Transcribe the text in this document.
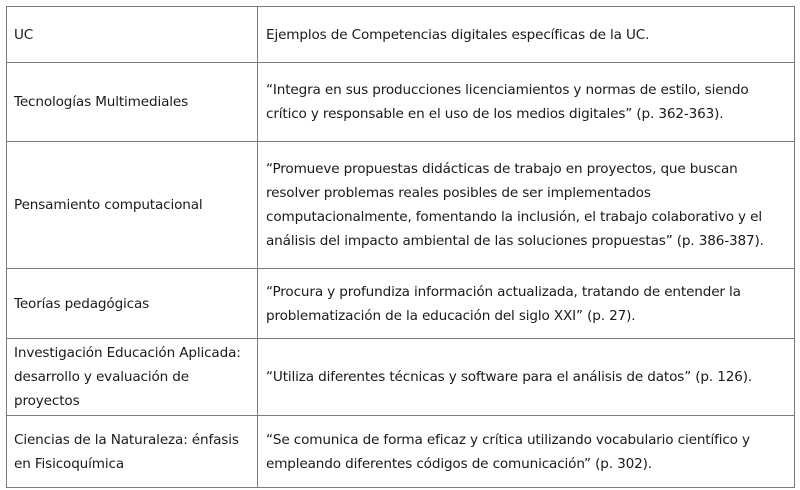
UC	Ejemplos de Competencias digitales específicas de la UC.
Tecnologías Multimediales	“Integra en sus producciones licenciamientos y normas de estilo, siendo crítico y responsable en el uso de los medios digitales” (p. 362-363).
Pensamiento computacional	“Promueve propuestas didácticas de trabajo en proyectos, que buscan resolver problemas reales posibles de ser implementados computacionalmente, fomentando la inclusión, el trabajo colaborativo y el análisis del impacto ambiental de las soluciones propuestas” (p. 386-387).
Teorías pedagógicas	“Procura y profundiza información actualizada, tratando de entender la problematización de la educación del siglo XXI” (p. 27).
Investigación Educación Aplicada: desarrollo y evaluación de proyectos	“Utiliza diferentes técnicas y software para el análisis de datos” (p. 126).
Ciencias de la Naturaleza: énfasis en Fisicoquímica	“Se comunica de forma eficaz y crítica utilizando vocabulario científico y empleando diferentes códigos de comunicación” (p. 302).
